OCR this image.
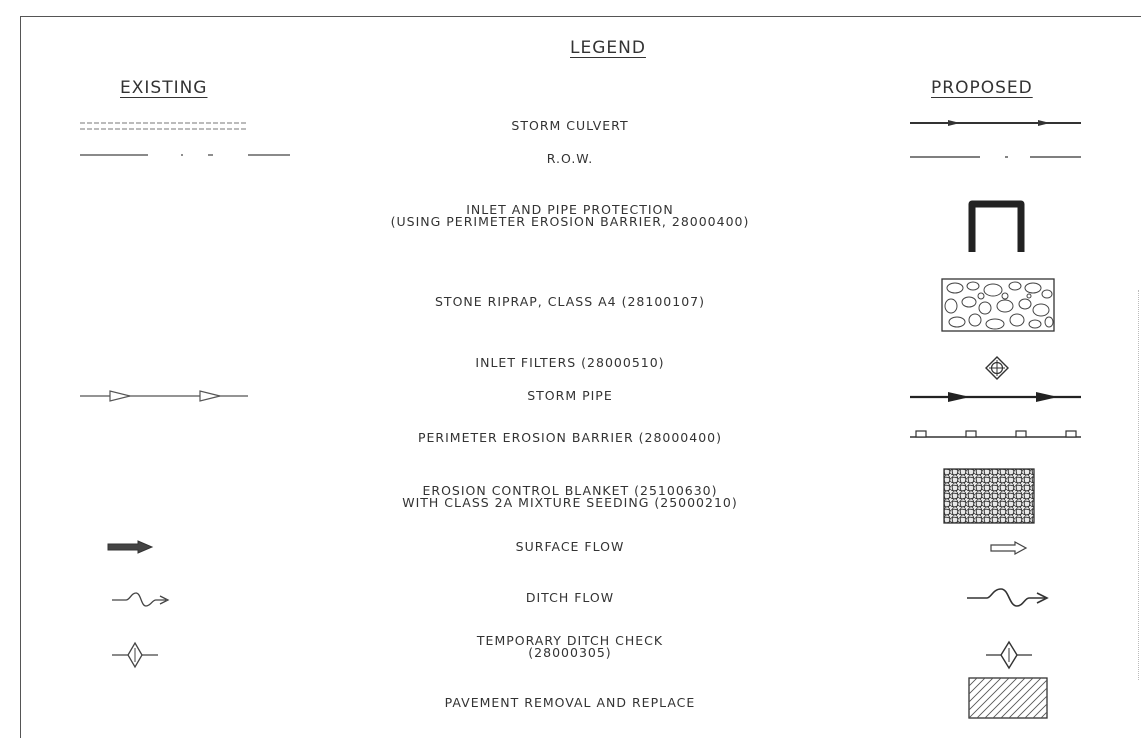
LEGEND
EXISTING	PROPOSED
STORM CULVERT
R.O.W.
INLET AND PIPE PROTECTION
(USING PERIMETER EROSION BARRIER, 28000400)
STONE RIPRAP, CLASS A4 (28100107)
INLET FILTERS (28000510)
STORM PIPE
PERIMETER EROSION BARRIER (28000400)
EROSION CONTROL BLANKET (25100630)
WITH CLASS 2A MIXTURE SEEDING (25000210)
SURFACE FLOW
DITCH FLOW
TEMPORARY DITCH CHECK
(28000305)
PAVEMENT REMOVAL AND REPLACE
